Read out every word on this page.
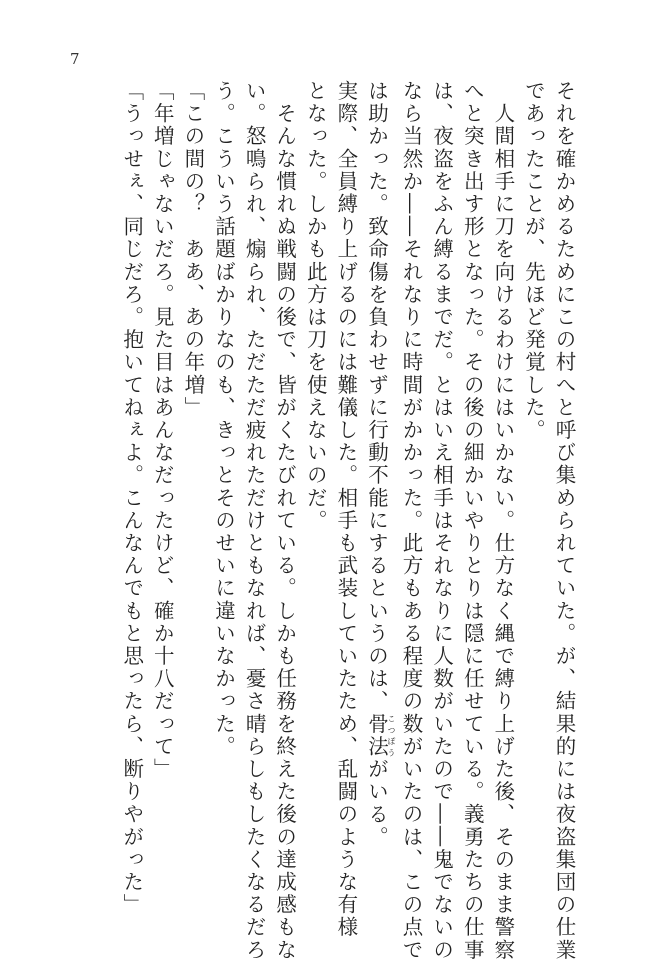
7
それを確かめるためにこの村へと呼び集められていた。が、結果的には夜盗集団の仕業
であったことが、先ほど発覚した。
　人間相手に刀を向けるわけにはいかない。仕方なく縄で縛り上げた後、そのまま警察
へと突き出す形となった。その後の細かいやりとりは隠に任せている。義勇たちの仕事
は、夜盗をふん縛るまでだ。とはいえ相手はそれなりに人数がいたので――鬼でないの
なら当然か――それなりに時間がかかった。此方もある程度の数がいたのは、この点で
は助かった。致命傷を負わせずに行動不能にするというのは、骨法こつぽうがいる。
実際、全員縛り上げるのには難儀した。相手も武装していたため、乱闘のような有様
となった。しかも此方は刀を使えないのだ。
　そんな慣れぬ戦闘の後で、皆がくたびれている。しかも任務を終えた後の達成感もな
い。怒鳴られ、煽られ、ただただ疲れただけともなれば、憂さ晴らしもしたくなるだろ
う。こういう話題ばかりなのも、きっとそのせいに違いなかった。
「この間の？　ああ、あの年増」
「年増じゃないだろ。見た目はあんなだったけど、確か十八だって」
「うっせぇ、同じだろ。抱いてねぇよ。こんなんでもと思ったら、断りやがった」
